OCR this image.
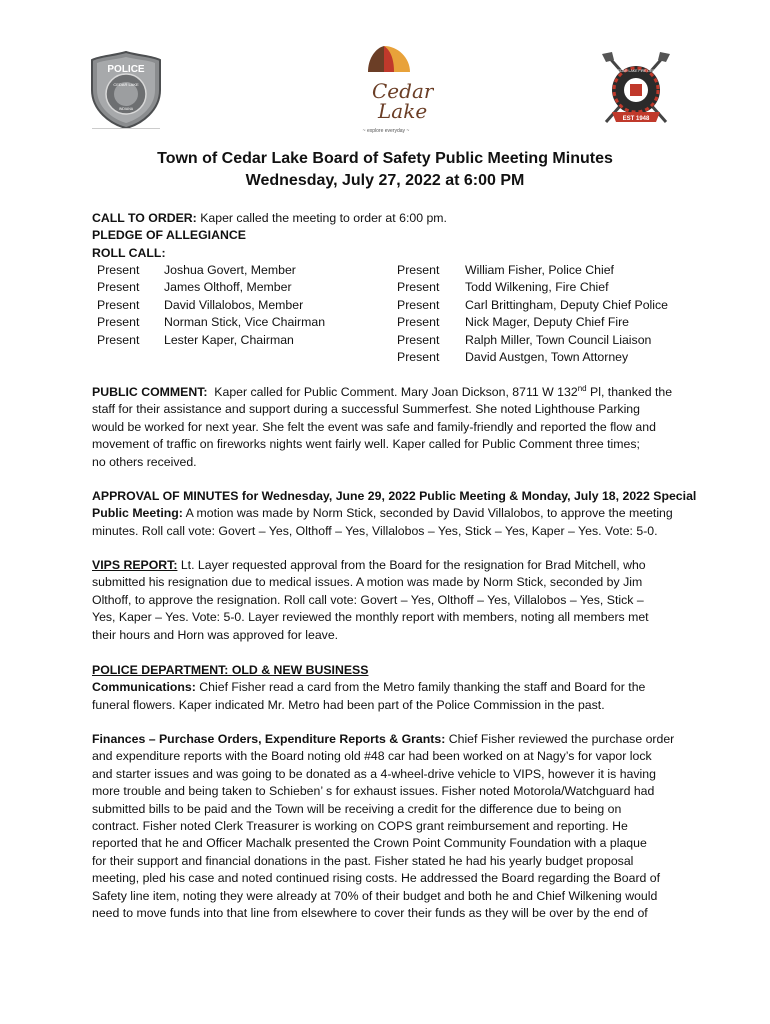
POLICE
CEDAR LAKE
INDIANA
Cedar
Lake
~ explore everyday ~
CEDAR LAKE FIRE DEPT
EST 1948
Town of Cedar Lake Board of Safety Public Meeting Minutes
Wednesday, July 27, 2022 at 6:00 PM
CALL TO ORDER: Kaper called the meeting to order at 6:00 pm.
PLEDGE OF ALLEGIANCE
ROLL CALL:
Present
Present
Present
Present
Present
Joshua Govert, Member
James Olthoff, Member
David Villalobos, Member
Norman Stick, Vice Chairman
Lester Kaper, Chairman
Present
Present
Present
Present
Present
Present
William Fisher, Police Chief
Todd Wilkening, Fire Chief
Carl Brittingham, Deputy Chief Police
Nick Mager, Deputy Chief Fire
Ralph Miller, Town Council Liaison
David Austgen, Town Attorney
PUBLIC COMMENT: Kaper called for Public Comment. Mary Joan Dickson, 8711 W 132nd Pl, thanked the
staff for their assistance and support during a successful Summerfest. She noted Lighthouse Parking
would be worked for next year. She felt the event was safe and family-friendly and reported the flow and
movement of traffic on fireworks nights went fairly well. Kaper called for Public Comment three times;
no others received.
APPROVAL OF MINUTES for Wednesday, June 29, 2022 Public Meeting & Monday, July 18, 2022 Special
Public Meeting: A motion was made by Norm Stick, seconded by David Villalobos, to approve the meeting
minutes. Roll call vote: Govert – Yes, Olthoff – Yes, Villalobos – Yes, Stick – Yes, Kaper – Yes. Vote: 5-0.
VIPS REPORT: Lt. Layer requested approval from the Board for the resignation for Brad Mitchell, who
submitted his resignation due to medical issues. A motion was made by Norm Stick, seconded by Jim
Olthoff, to approve the resignation. Roll call vote: Govert – Yes, Olthoff – Yes, Villalobos – Yes, Stick –
Yes, Kaper – Yes. Vote: 5-0. Layer reviewed the monthly report with members, noting all members met
their hours and Horn was approved for leave.
POLICE DEPARTMENT: OLD & NEW BUSINESS
Communications: Chief Fisher read a card from the Metro family thanking the staff and Board for the
funeral flowers. Kaper indicated Mr. Metro had been part of the Police Commission in the past.
Finances – Purchase Orders, Expenditure Reports & Grants: Chief Fisher reviewed the purchase order
and expenditure reports with the Board noting old #48 car had been worked on at Nagy’s for vapor lock
and starter issues and was going to be donated as a 4-wheel-drive vehicle to VIPS, however it is having
more trouble and being taken to Schieben’ s for exhaust issues. Fisher noted Motorola/Watchguard had
submitted bills to be paid and the Town will be receiving a credit for the difference due to being on
contract. Fisher noted Clerk Treasurer is working on COPS grant reimbursement and reporting. He
reported that he and Officer Machalk presented the Crown Point Community Foundation with a plaque
for their support and financial donations in the past. Fisher stated he had his yearly budget proposal
meeting, pled his case and noted continued rising costs. He addressed the Board regarding the Board of
Safety line item, noting they were already at 70% of their budget and both he and Chief Wilkening would
need to move funds into that line from elsewhere to cover their funds as they will be over by the end of
